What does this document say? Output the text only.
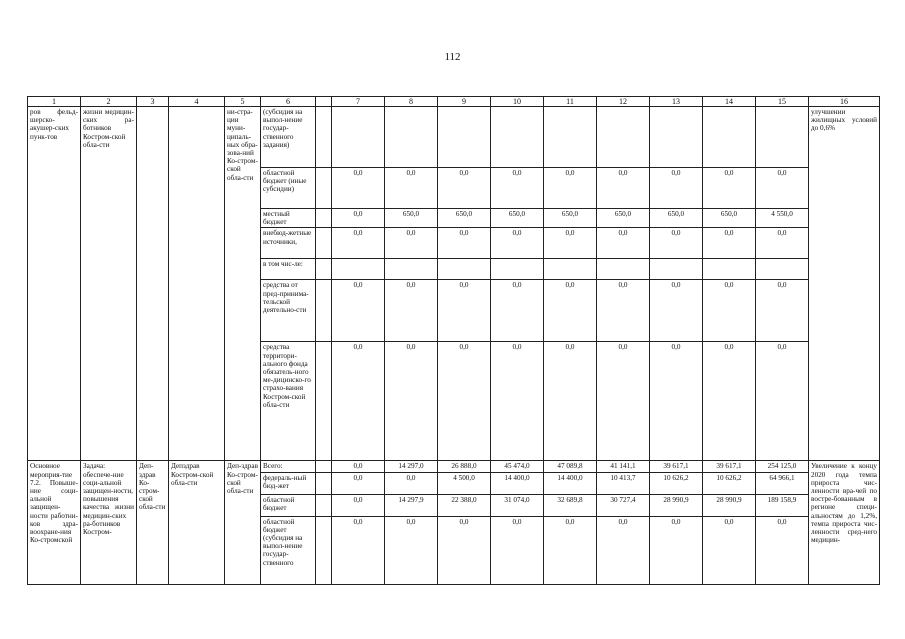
112
1	2	3	4	5	6		7	8	9	10	11	12	13	14	15	16
ров фельд-шерско-акушер-ских пунк-тов	жизни медицин-ских ра-ботников Костром-ской обла-сти			ни-стра-ции муни-ципаль-ных обра-зова-ний Ко-стром-ской обла-сти	(субсидия на выпол-нение государ-ственного задания)											улучшении жилищных условий до 0,6%
					областной бюджет (иные субсидии)		0,0	0,0	0,0	0,0	0,0	0,0	0,0	0,0	0,0	
					местный бюджет		0,0	650,0	650,0	650,0	650,0	650,0	650,0	650,0	4 550,0	
					внебюд-жетные источники,		0,0	0,0	0,0	0,0	0,0	0,0	0,0	0,0	0,0	
					в том чис-ле:											
					средства от пред-принима-тельской деятельно-сти		0,0	0,0	0,0	0,0	0,0	0,0	0,0	0,0	0,0	
					средства территори-ального фонда обязатель-ного ме-дицинско-го страхо-вания Костром-ской обла-сти		0,0	0,0	0,0	0,0	0,0	0,0	0,0	0,0	0,0	
Основное мероприя-тие 7.2. Повыше-ние соци-альной защищен-ности работни-ков здра-воохране-ния Ко-стромской	Задача: обеспече-ние соци-альной защищен-ности, повышения качества жизни медицин-ских ра-ботников Костром-	Деп-здрав Ко-стром-ской обла-сти	Депздрав Костром-ской обла-сти	Деп-здрав Ко-стром-ской обла-сти	Всего:		0,0	14 297,0	26 888,0	45 474,0	47 089,8	41 141,1	39 617,1	39 617,1	254 125,0	Увеличение к концу 2020 года темпа прироста чис-ленности вра-чей по востре-бованным в регионе специ-альностям до 1,2%, темпа прироста чис-ленности сред-него медицин-
					федераль-ный бюд-жет		0,0	0,0	4 500,0	14 400,0	14 400,0	10 413,7	10 626,2	10 626,2	64 966,1	
					областной бюджет		0,0	14 297,9	22 388,0	31 074,0	32 689,8	30 727,4	28 990,9	28 990,9	189 158,9	
					областной бюджет (субсидия на выпол-нение государ-ственного		0,0	0,0	0,0	0,0	0,0	0,0	0,0	0,0	0,0	
